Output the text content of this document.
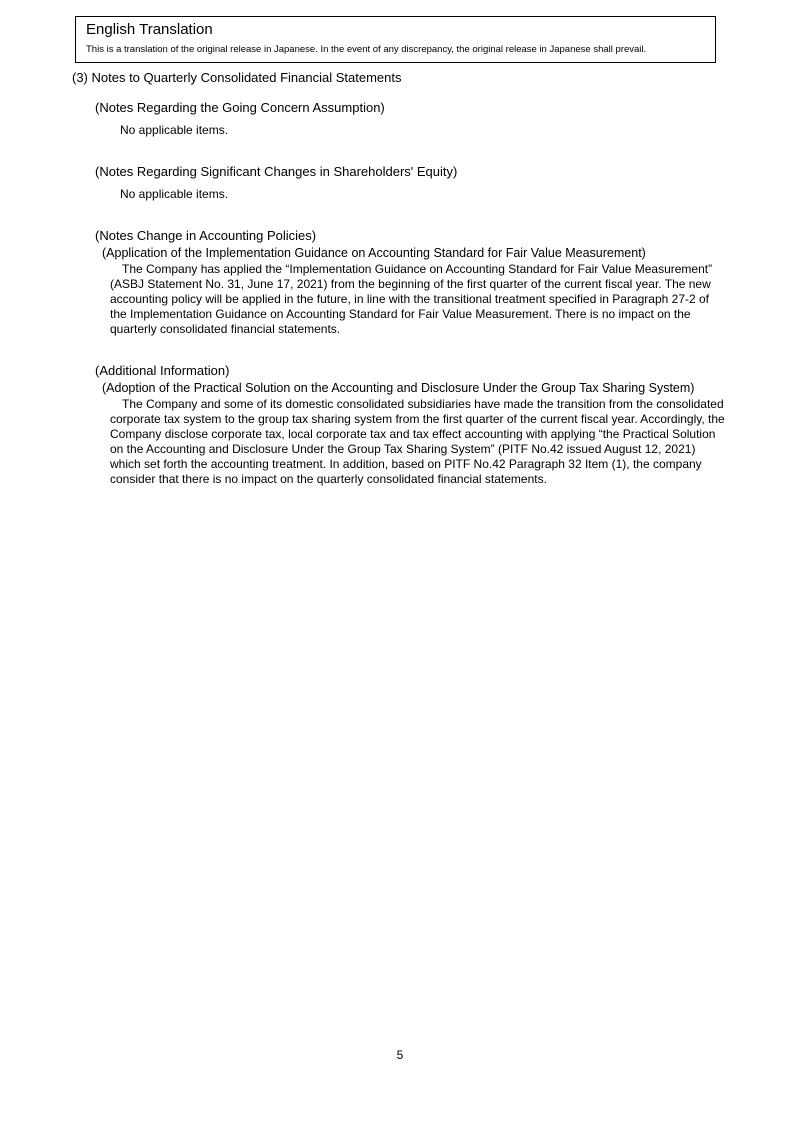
English Translation
This is a translation of the original release in Japanese. In the event of any discrepancy, the original release in Japanese shall prevail.
(3) Notes to Quarterly Consolidated Financial Statements
(Notes Regarding the Going Concern Assumption)
No applicable items.
(Notes Regarding Significant Changes in Shareholders' Equity)
No applicable items.
(Notes Change in Accounting Policies)
(Application of the Implementation Guidance on Accounting Standard for Fair Value Measurement)
The Company has applied the “Implementation Guidance on Accounting Standard for Fair Value Measurement” (ASBJ Statement No. 31, June 17, 2021) from the beginning of the first quarter of the current fiscal year. The new accounting policy will be applied in the future, in line with the transitional treatment specified in Paragraph 27-2 of the Implementation Guidance on Accounting Standard for Fair Value Measurement. There is no impact on the quarterly consolidated financial statements.
(Additional Information)
(Adoption of the Practical Solution on the Accounting and Disclosure Under the Group Tax Sharing System)
The Company and some of its domestic consolidated subsidiaries have made the transition from the consolidated corporate tax system to the group tax sharing system from the first quarter of the current fiscal year. Accordingly, the Company disclose corporate tax, local corporate tax and tax effect accounting with applying “the Practical Solution on the Accounting and Disclosure Under the Group Tax Sharing System” (PITF No.42 issued August 12, 2021) which set forth the accounting treatment. In addition, based on PITF No.42 Paragraph 32 Item (1), the company consider that there is no impact on the quarterly consolidated financial statements.
5
